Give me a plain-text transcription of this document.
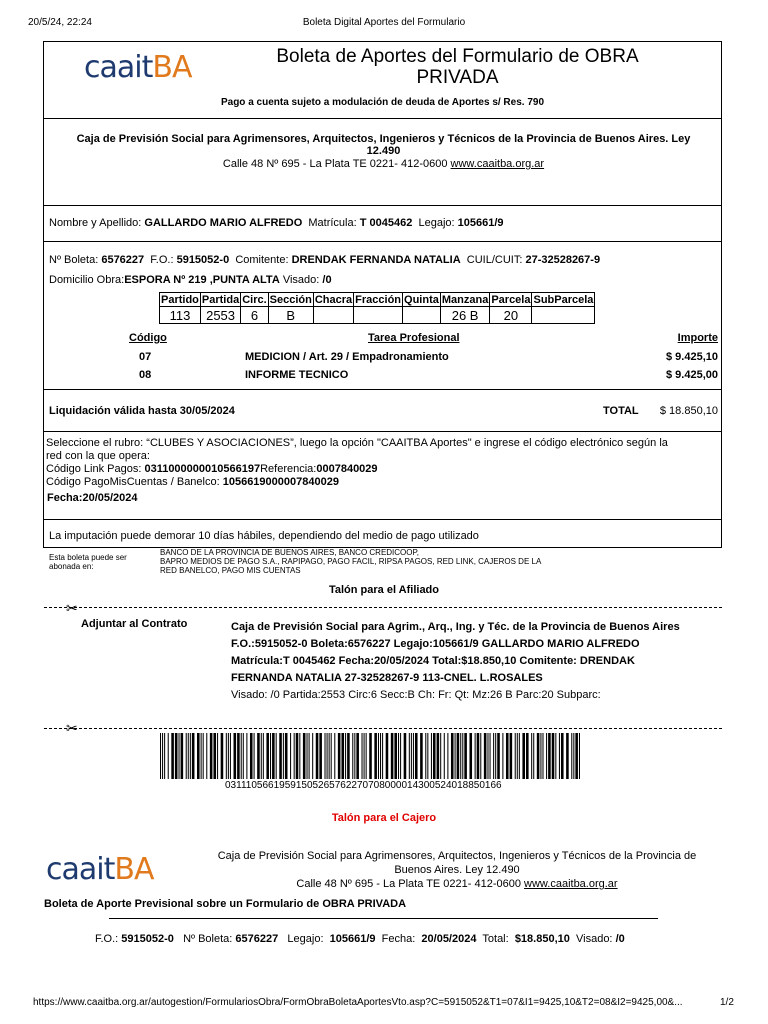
20/5/24, 22:24	Boleta Digital Aportes del Formulario
caaitBA	Boleta de Aportes del Formulario de OBRA
PRIVADA
Pago a cuenta sujeto a modulación de deuda de Aportes s/ Res. 790
Caja de Previsión Social para Agrimensores, Arquitectos, Ingenieros y Técnicos de la Provincia de Buenos Aires. Ley
12.490
Calle 48 Nº 695 - La Plata TE 0221- 412-0600 www.caaitba.org.ar
Nombre y Apellido: GALLARDO MARIO ALFREDO Matrícula: T 0045462 Legajo: 105661/9
Nº Boleta: 6576227 F.O.: 5915052-0 Comitente: DRENDAK FERNANDA NATALIA CUIL/CUIT: 27-32528267-9
Domicilio Obra:ESPORA Nº 219 ,PUNTA ALTA Visado: /0
Partido	Partida	Circ.	Sección	Chacra	Fracción	Quinta	Manzana	Parcela	SubParcela
113	2553	6	B				26 B	20	
Código	Tarea Profesional	Importe
07	MEDICION / Art. 29 / Empadronamiento	$ 9.425,10
08	INFORME TECNICO	$ 9.425,00
Liquidación válida hasta 30/05/2024	TOTAL $ 18.850,10
Seleccione el rubro: “CLUBES Y ASOCIACIONES”, luego la opción "CAAITBA Aportes" e ingrese el código electrónico según la
red con la que opera:
Código Link Pagos: 0311000000010566197Referencia:0007840029
Código PagoMisCuentas / Banelco: 1056619000007840029
Fecha:20/05/2024
La imputación puede demorar 10 días hábiles, dependiendo del medio de pago utilizado
Esta boleta puede ser
abonada en:
BANCO DE LA PROVINCIA DE BUENOS AIRES, BANCO CREDICOOP,
BAPRO MEDIOS DE PAGO S.A., RAPIPAGO, PAGO FACIL, RIPSA PAGOS, RED LINK, CAJEROS DE LA
RED BANELCO, PAGO MIS CUENTAS
Talón para el Afiliado
✂
Adjuntar al Contrato	Caja de Previsión Social para Agrim., Arq., Ing. y Téc. de la Provincia de Buenos Aires
F.O.:5915052-0 Boleta:6576227 Legajo:105661/9 GALLARDO MARIO ALFREDO
Matrícula:T 0045462 Fecha:20/05/2024 Total:$18.850,10 Comitente: DRENDAK
FERNANDA NATALIA 27-32528267-9 113-CNEL. L.ROSALES
Visado: /0 Partida:2553 Circ:6 Secc:B Ch: Fr: Qt: Mz:26 B Parc:20 Subparc:
✂
03111056619591505265762270708000014300524018850166
Talón para el Cajero
caaitBA	Caja de Previsión Social para Agrimensores, Arquitectos, Ingenieros y Técnicos de la Provincia de
Buenos Aires. Ley 12.490
Calle 48 Nº 695 - La Plata TE 0221- 412-0600 www.caaitba.org.ar
Boleta de Aporte Previsional sobre un Formulario de OBRA PRIVADA
F.O.: 5915052-0 Nº Boleta: 6576227 Legajo: 105661/9 Fecha: 20/05/2024 Total: $18.850,10 Visado: /0
https://www.caaitba.org.ar/autogestion/FormulariosObra/FormObraBoletaAportesVto.asp?C=5915052&T1=07&I1=9425,10&T2=08&I2=9425,00&...	1/2
